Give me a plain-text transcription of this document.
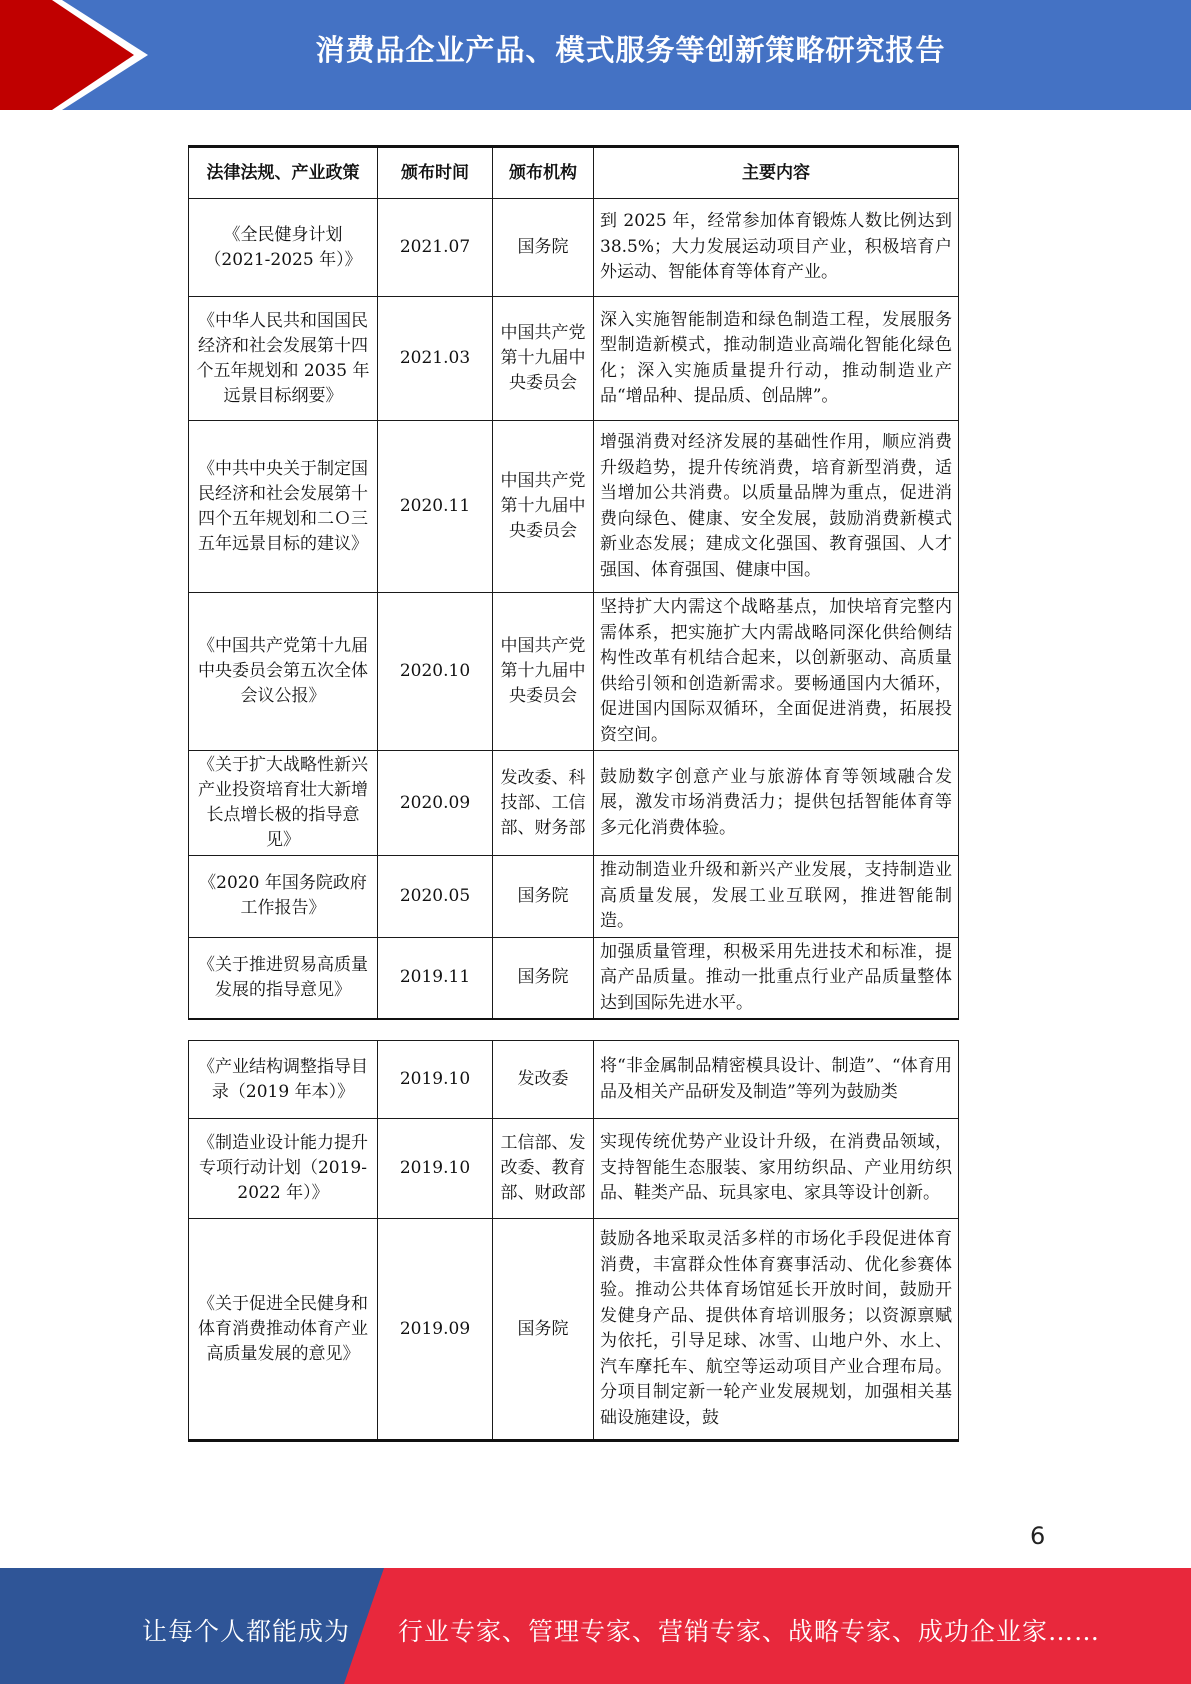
消费品企业产品、模式服务等创新策略研究报告
法律法规、产业政策	颁布时间	颁布机构	主要内容
《全民健身计划（2021-2025 年）》	2021.07	国务院	到 2025 年，经常参加体育锻炼人数比例达到 38.5%；大力发展运动项目产业，积极培育户外运动、智能体育等体育产业。
《中华人民共和国国民经济和社会发展第十四个五年规划和 2035 年远景目标纲要》	2021.03	中国共产党第十九届中央委员会	深入实施智能制造和绿色制造工程，发展服务型制造新模式，推动制造业高端化智能化绿色化；深入实施质量提升行动，推动制造业产品“增品种、提品质、创品牌”。
《中共中央关于制定国民经济和社会发展第十四个五年规划和二Ｏ三五年远景目标的建议》	2020.11	中国共产党第十九届中央委员会	增强消费对经济发展的基础性作用，顺应消费升级趋势，提升传统消费，培育新型消费，适当增加公共消费。以质量品牌为重点，促进消费向绿色、健康、安全发展，鼓励消费新模式新业态发展；建成文化强国、教育强国、人才强国、体育强国、健康中国。
《中国共产党第十九届中央委员会第五次全体会议公报》	2020.10	中国共产党第十九届中央委员会	坚持扩大内需这个战略基点，加快培育完整内需体系，把实施扩大内需战略同深化供给侧结构性改革有机结合起来，以创新驱动、高质量供给引领和创造新需求。要畅通国内大循环，促进国内国际双循环，全面促进消费，拓展投资空间。
《关于扩大战略性新兴产业投资培育壮大新增长点增长极的指导意见》	2020.09	发改委、科技部、工信部、财务部	鼓励数字创意产业与旅游体育等领域融合发展，激发市场消费活力；提供包括智能体育等多元化消费体验。
《2020 年国务院政府工作报告》	2020.05	国务院	推动制造业升级和新兴产业发展，支持制造业高质量发展，发展工业互联网，推进智能制造。
《关于推进贸易高质量发展的指导意见》	2019.11	国务院	加强质量管理，积极采用先进技术和标准，提高产品质量。推动一批重点行业产品质量整体达到国际先进水平。
《产业结构调整指导目录（2019 年本）》	2019.10	发改委	将“非金属制品精密模具设计、制造”、“体育用品及相关产品研发及制造”等列为鼓励类
《制造业设计能力提升专项行动计划（2019-2022 年）》	2019.10	工信部、发改委、教育部、财政部	实现传统优势产业设计升级，在消费品领域，支持智能生态服装、家用纺织品、产业用纺织品、鞋类产品、玩具家电、家具等设计创新。
《关于促进全民健身和体育消费推动体育产业高质量发展的意见》	2019.09	国务院	鼓励各地采取灵活多样的市场化手段促进体育消费，丰富群众性体育赛事活动、优化参赛体验。推动公共体育场馆延长开放时间，鼓励开发健身产品、提供体育培训服务；以资源禀赋为依托，引导足球、冰雪、山地户外、水上、汽车摩托车、航空等运动项目产业合理布局。分项目制定新一轮产业发展规划，加强相关基础设施建设，鼓
6
让每个人都能成为 行业专家、管理专家、营销专家、战略专家、成功企业家……
